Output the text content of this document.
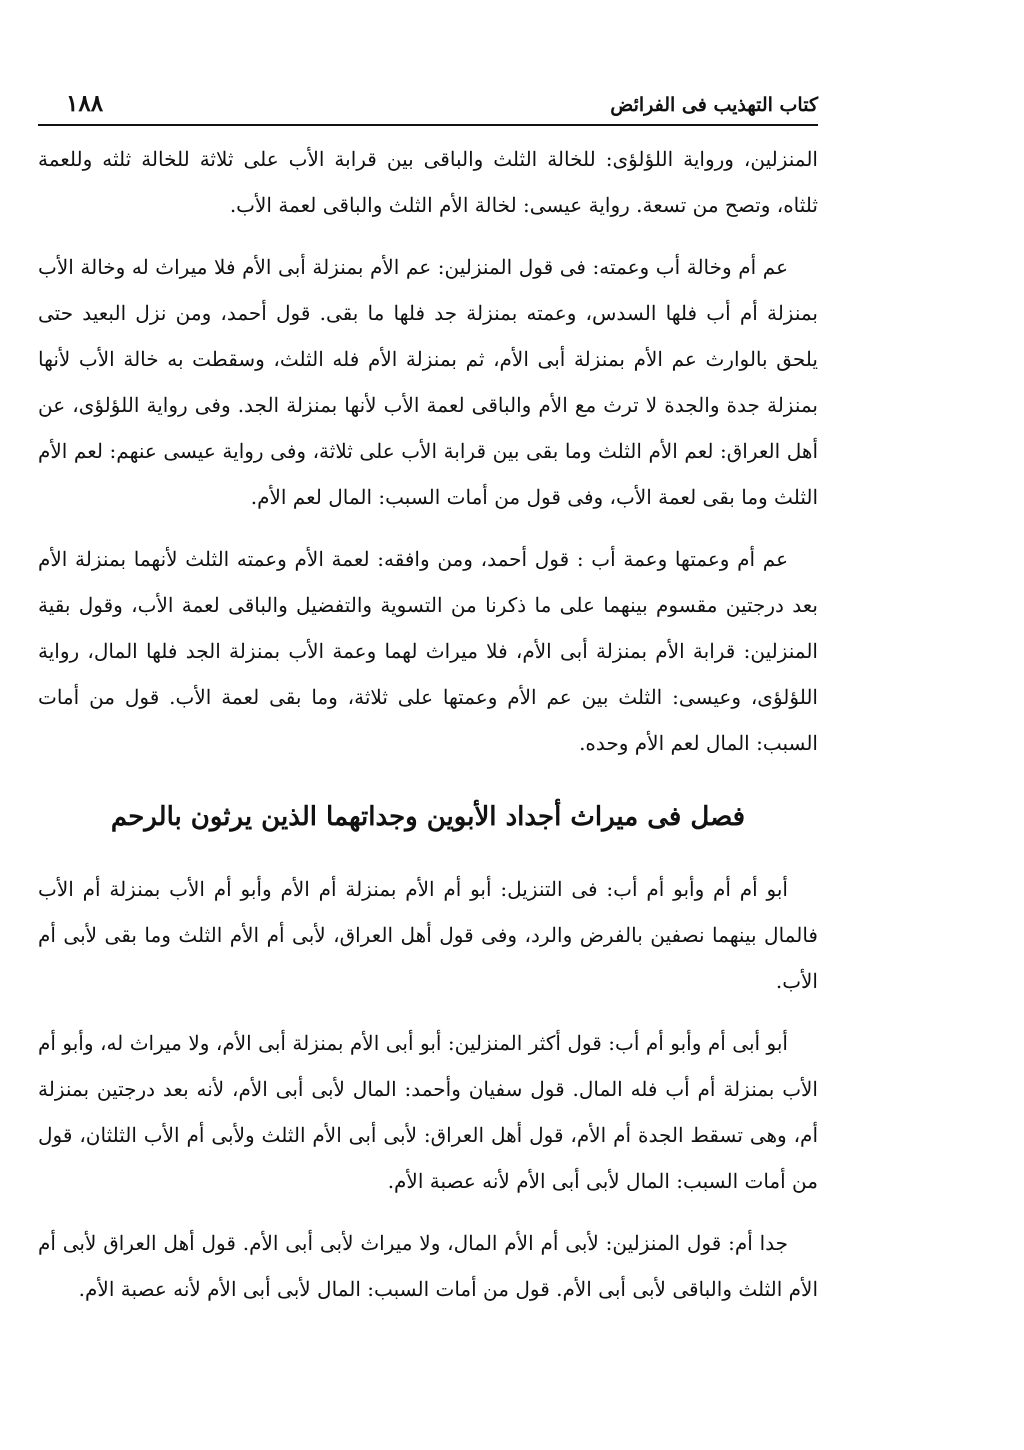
كتاب التهذيب فى الفرائض
١٨٨

المنزلين، ورواية اللؤلؤى: للخالة الثلث والباقى بين قرابة الأب على ثلاثة للخالة ثلثه وللعمة ثلثاه، وتصح من تسعة. رواية عيسى: لخالة الأم الثلث والباقى لعمة الأب.

عم أم وخالة أب وعمته: فى قول المنزلين: عم الأم بمنزلة أبى الأم فلا ميراث له وخالة الأب بمنزلة أم أب فلها السدس، وعمته بمنزلة جد فلها ما بقى. قول أحمد، ومن نزل البعيد حتى يلحق بالوارث عم الأم بمنزلة أبى الأم، ثم بمنزلة الأم فله الثلث، وسقطت به خالة الأب لأنها بمنزلة جدة والجدة لا ترث مع الأم والباقى لعمة الأب لأنها بمنزلة الجد. وفى رواية اللؤلؤى، عن أهل العراق: لعم الأم الثلث وما بقى بين قرابة الأب على ثلاثة، وفى رواية عيسى عنهم: لعم الأم الثلث وما بقى لعمة الأب، وفى قول من أمات السبب: المال لعم الأم.

عم أم وعمتها وعمة أب : قول أحمد، ومن وافقه: لعمة الأم وعمته الثلث لأنهما بمنزلة الأم بعد درجتين مقسوم بينهما على ما ذكرنا من التسوية والتفضيل والباقى لعمة الأب، وقول بقية المنزلين: قرابة الأم بمنزلة أبى الأم، فلا ميراث لهما وعمة الأب بمنزلة الجد فلها المال، رواية اللؤلؤى، وعيسى: الثلث بين عم الأم وعمتها على ثلاثة، وما بقى لعمة الأب. قول من أمات السبب: المال لعم الأم وحده.

فصل فى ميراث أجداد الأبوين وجداتهما الذين يرثون بالرحم

أبو أم أم وأبو أم أب: فى التنزيل: أبو أم الأم بمنزلة أم الأم وأبو أم الأب بمنزلة أم الأب فالمال بينهما نصفين بالفرض والرد، وفى قول أهل العراق، لأبى أم الأم الثلث وما بقى لأبى أم الأب.

أبو أبى أم وأبو أم أب: قول أكثر المنزلين: أبو أبى الأم بمنزلة أبى الأم، ولا ميراث له، وأبو أم الأب بمنزلة أم أب فله المال. قول سفيان وأحمد: المال لأبى أبى الأم، لأنه بعد درجتين بمنزلة أم، وهى تسقط الجدة أم الأم، قول أهل العراق: لأبى أبى الأم الثلث ولأبى أم الأب الثلثان، قول من أمات السبب: المال لأبى أبى الأم لأنه عصبة الأم.

جدا أم: قول المنزلين: لأبى أم الأم المال، ولا ميراث لأبى أبى الأم. قول أهل العراق لأبى أم الأم الثلث والباقى لأبى أبى الأم. قول من أمات السبب: المال لأبى أبى الأم لأنه عصبة الأم.
